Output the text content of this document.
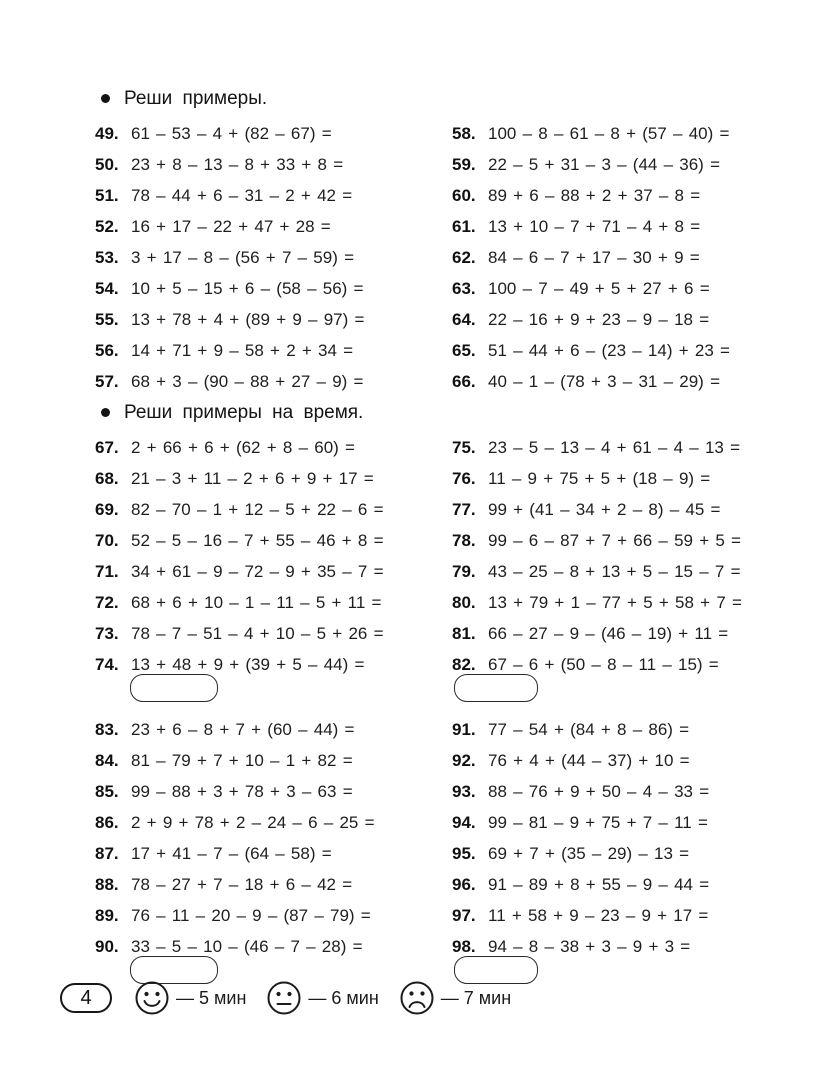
Реши примеры.
49. 61 – 53 – 4 + (82 – 67) =
50. 23 + 8 – 13 – 8 + 33 + 8 =
51. 78 – 44 + 6 – 31 – 2 + 42 =
52. 16 + 17 – 22 + 47 + 28 =
53. 3 + 17 – 8 – (56 + 7 – 59) =
54. 10 + 5 – 15 + 6 – (58 – 56) =
55. 13 + 78 + 4 + (89 + 9 – 97) =
56. 14 + 71 + 9 – 58 + 2 + 34 =
57. 68 + 3 – (90 – 88 + 27 – 9) =
58. 100 – 8 – 61 – 8 + (57 – 40) =
59. 22 – 5 + 31 – 3 – (44 – 36) =
60. 89 + 6 – 88 + 2 + 37 – 8 =
61. 13 + 10 – 7 + 71 – 4 + 8 =
62. 84 – 6 – 7 + 17 – 30 + 9 =
63. 100 – 7 – 49 + 5 + 27 + 6 =
64. 22 – 16 + 9 + 23 – 9 – 18 =
65. 51 – 44 + 6 – (23 – 14) + 23 =
66. 40 – 1 – (78 + 3 – 31 – 29) =
Реши примеры на время.
67. 2 + 66 + 6 + (62 + 8 – 60) =
68. 21 – 3 + 11 – 2 + 6 + 9 + 17 =
69. 82 – 70 – 1 + 12 – 5 + 22 – 6 =
70. 52 – 5 – 16 – 7 + 55 – 46 + 8 =
71. 34 + 61 – 9 – 72 – 9 + 35 – 7 =
72. 68 + 6 + 10 – 1 – 11 – 5 + 11 =
73. 78 – 7 – 51 – 4 + 10 – 5 + 26 =
74. 13 + 48 + 9 + (39 + 5 – 44) =
75. 23 – 5 – 13 – 4 + 61 – 4 – 13 =
76. 11 – 9 + 75 + 5 + (18 – 9) =
77. 99 + (41 – 34 + 2 – 8) – 45 =
78. 99 – 6 – 87 + 7 + 66 – 59 + 5 =
79. 43 – 25 – 8 + 13 + 5 – 15 – 7 =
80. 13 + 79 + 1 – 77 + 5 + 58 + 7 =
81. 66 – 27 – 9 – (46 – 19) + 11 =
82. 67 – 6 + (50 – 8 – 11 – 15) =
83. 23 + 6 – 8 + 7 + (60 – 44) =
84. 81 – 79 + 7 + 10 – 1 + 82 =
85. 99 – 88 + 3 + 78 + 3 – 63 =
86. 2 + 9 + 78 + 2 – 24 – 6 – 25 =
87. 17 + 41 – 7 – (64 – 58) =
88. 78 – 27 + 7 – 18 + 6 – 42 =
89. 76 – 11 – 20 – 9 – (87 – 79) =
90. 33 – 5 – 10 – (46 – 7 – 28) =
91. 77 – 54 + (84 + 8 – 86) =
92. 76 + 4 + (44 – 37) + 10 =
93. 88 – 76 + 9 + 50 – 4 – 33 =
94. 99 – 81 – 9 + 75 + 7 – 11 =
95. 69 + 7 + (35 – 29) – 13 =
96. 91 – 89 + 8 + 55 – 9 – 44 =
97. 11 + 58 + 9 – 23 – 9 + 17 =
98. 94 – 8 – 38 + 3 – 9 + 3 =
4	— 5 мин	— 6 мин	— 7 мин
